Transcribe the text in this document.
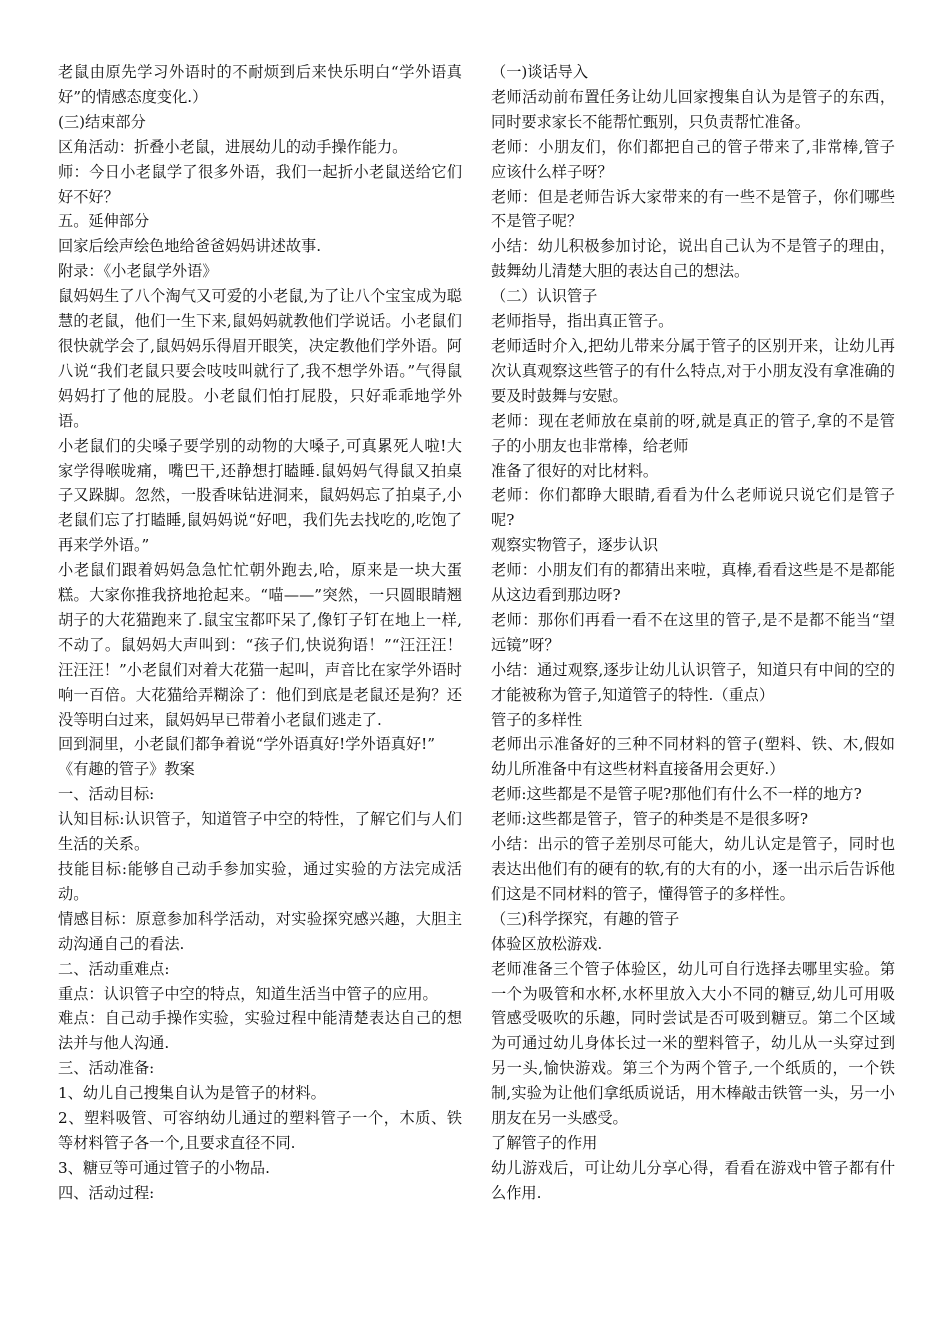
老鼠由原先学习外语时的不耐烦到后来快乐明白“学外语真好”的情感态度变化.）

(三)结束部分

区角活动：折叠小老鼠，进展幼儿的动手操作能力。

师：今日小老鼠学了很多外语，我们一起折小老鼠送给它们好不好？

五。延伸部分

回家后绘声绘色地给爸爸妈妈讲述故事.

附录：《小老鼠学外语》

鼠妈妈生了八个淘气又可爱的小老鼠,为了让八个宝宝成为聪慧的老鼠，他们一生下来,鼠妈妈就教他们学说话。小老鼠们很快就学会了,鼠妈妈乐得眉开眼笑，决定教他们学外语。阿八说“我们老鼠只要会吱吱叫就行了,我不想学外语。”气得鼠妈妈打了他的屁股。小老鼠们怕打屁股，只好乖乖地学外语。

小老鼠们的尖嗓子要学别的动物的大嗓子,可真累死人啦!大家学得喉咙痛，嘴巴干,还静想打瞌睡.鼠妈妈气得鼠又拍桌子又跺脚。忽然，一股香味钻进洞来，鼠妈妈忘了拍桌子,小老鼠们忘了打瞌睡,鼠妈妈说“好吧，我们先去找吃的,吃饱了再来学外语。”

小老鼠们跟着妈妈急急忙忙朝外跑去,哈，原来是一块大蛋糕。大家你推我挤地抢起来。“喵——”突然，一只圆眼睛翘胡子的大花猫跑来了.鼠宝宝都吓呆了,像钉子钉在地上一样,不动了。鼠妈妈大声叫到：“孩子们,快说狗语！”“汪汪汪！汪汪汪！”小老鼠们对着大花猫一起叫，声音比在家学外语时响一百倍。大花猫给弄糊涂了：他们到底是老鼠还是狗？还没等明白过来，鼠妈妈早已带着小老鼠们逃走了.

回到洞里，小老鼠们都争着说“学外语真好!学外语真好!”

《有趣的管子》教案

一、活动目标:

认知目标:认识管子，知道管子中空的特性，了解它们与人们生活的关系。

技能目标:能够自己动手参加实验，通过实验的方法完成活动。

情感目标：原意参加科学活动，对实验探究感兴趣，大胆主动沟通自己的看法.

二、活动重难点:

重点：认识管子中空的特点，知道生活当中管子的应用。

难点：自己动手操作实验，实验过程中能清楚表达自己的想法并与他人沟通.

三、活动准备:

1、幼儿自己搜集自认为是管子的材料。

2、塑料吸管、可容纳幼儿通过的塑料管子一个，木质、铁等材料管子各一个,且要求直径不同.

3、糖豆等可通过管子的小物品.

四、活动过程:

（一)谈话导入

老师活动前布置任务让幼儿回家搜集自认为是管子的东西，同时要求家长不能帮忙甄别，只负责帮忙准备。

老师：小朋友们，你们都把自己的管子带来了,非常棒,管子应该什么样子呀？

老师：但是老师告诉大家带来的有一些不是管子，你们哪些不是管子呢？

小结：幼儿积极参加讨论，说出自己认为不是管子的理由，鼓舞幼儿清楚大胆的表达自己的想法。

（二）认识管子

老师指导，指出真正管子。

老师适时介入,把幼儿带来分属于管子的区别开来，让幼儿再次认真观察这些管子的有什么特点,对于小朋友没有拿准确的要及时鼓舞与安慰。

老师：现在老师放在桌前的呀,就是真正的管子,拿的不是管子的小朋友也非常棒，给老师

准备了很好的对比材料。

老师：你们都睁大眼睛,看看为什么老师说只说它们是管子呢?

观察实物管子，逐步认识

老师：小朋友们有的都猜出来啦，真棒,看看这些是不是都能从这边看到那边呀?

老师：那你们再看一看不在这里的管子,是不是都不能当“望远镜”呀？

小结：通过观察,逐步让幼儿认识管子，知道只有中间的空的才能被称为管子,知道管子的特性.（重点）

管子的多样性

老师出示准备好的三种不同材料的管子(塑料、铁、木,假如幼儿所准备中有这些材料直接备用会更好.）

老师:这些都是不是管子呢?那他们有什么不一样的地方?

老师:这些都是管子，管子的种类是不是很多呀?

小结：出示的管子差别尽可能大，幼儿认定是管子，同时也表达出他们有的硬有的软,有的大有的小，逐一出示后告诉他们这是不同材料的管子，懂得管子的多样性。

（三)科学探究，有趣的管子

体验区放松游戏.

老师准备三个管子体验区，幼儿可自行选择去哪里实验。第一个为吸管和水杯,水杯里放入大小不同的糖豆,幼儿可用吸管感受吸吹的乐趣，同时尝试是否可吸到糖豆。第二个区域为可通过幼儿身体长过一米的塑料管子，幼儿从一头穿过到另一头,愉快游戏。第三个为两个管子,一个纸质的，一个铁制,实验为让他们拿纸质说话，用木棒敲击铁管一头，另一小朋友在另一头感受。

了解管子的作用

幼儿游戏后，可让幼儿分享心得，看看在游戏中管子都有什么作用.
